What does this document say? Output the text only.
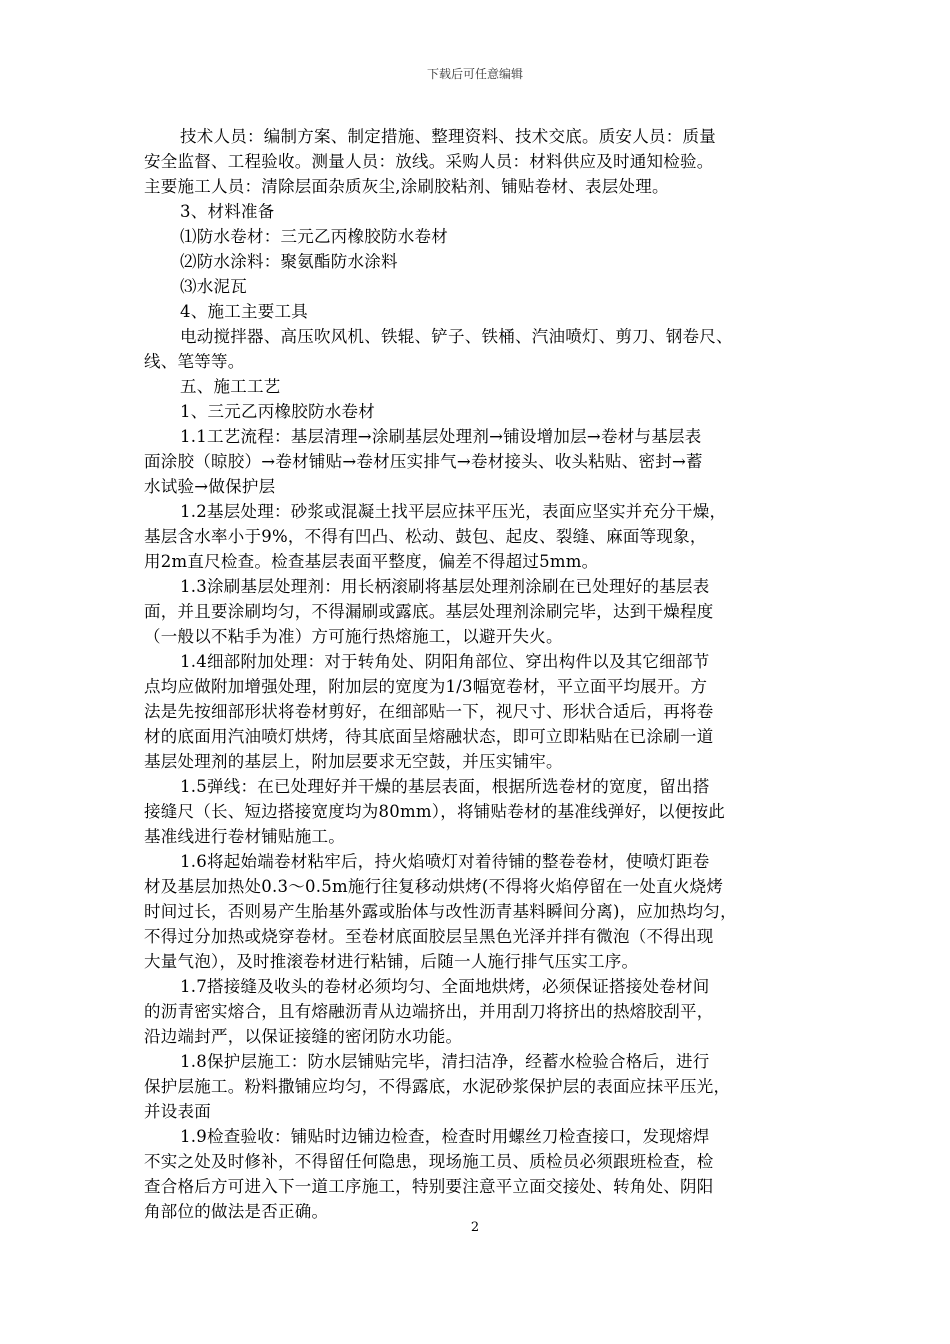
下载后可任意编辑
技术人员：编制方案、制定措施、整理资料、技术交底。质安人员：质量
安全监督、工程验收。测量人员：放线。采购人员：材料供应及时通知检验。
主要施工人员：清除层面杂质灰尘,涂刷胶粘剂、铺贴卷材、表层处理。
3、材料准备
⑴防水卷材：三元乙丙橡胶防水卷材
⑵防水涂料：聚氨酯防水涂料
⑶水泥瓦
4、施工主要工具
电动搅拌器、高压吹风机、铁辊、铲子、铁桶、汽油喷灯、剪刀、钢卷尺、
线、笔等等。
五、施工工艺
1、三元乙丙橡胶防水卷材
1.1工艺流程：基层清理→涂刷基层处理剂→铺设增加层→卷材与基层表
面涂胶（晾胶）→卷材铺贴→卷材压实排气→卷材接头、收头粘贴、密封→蓄
水试验→做保护层
1.2基层处理：砂浆或混凝土找平层应抹平压光，表面应坚实并充分干燥，
基层含水率小于9%，不得有凹凸、松动、鼓包、起皮、裂缝、麻面等现象，
用2m直尺检查。检查基层表面平整度，偏差不得超过5mm。
1.3涂刷基层处理剂：用长柄滚刷将基层处理剂涂刷在已处理好的基层表
面，并且要涂刷均匀，不得漏刷或露底。基层处理剂涂刷完毕，达到干燥程度
（一般以不粘手为准）方可施行热熔施工，以避开失火。
1.4细部附加处理：对于转角处、阴阳角部位、穿出构件以及其它细部节
点均应做附加增强处理，附加层的宽度为1/3幅宽卷材，平立面平均展开。方
法是先按细部形状将卷材剪好，在细部贴一下，视尺寸、形状合适后，再将卷
材的底面用汽油喷灯烘烤，待其底面呈熔融状态，即可立即粘贴在已涂刷一道
基层处理剂的基层上，附加层要求无空鼓，并压实铺牢。
1.5弹线：在已处理好并干燥的基层表面，根据所选卷材的宽度，留出搭
接缝尺（长、短边搭接宽度均为80mm），将铺贴卷材的基准线弹好，以便按此
基准线进行卷材铺贴施工。
1.6将起始端卷材粘牢后，持火焰喷灯对着待铺的整卷卷材，使喷灯距卷
材及基层加热处0.3～0.5m施行往复移动烘烤(不得将火焰停留在一处直火烧烤
时间过长，否则易产生胎基外露或胎体与改性沥青基料瞬间分离)，应加热均匀，
不得过分加热或烧穿卷材。至卷材底面胶层呈黑色光泽并拌有微泡（不得出现
大量气泡），及时推滚卷材进行粘铺，后随一人施行排气压实工序。
1.7搭接缝及收头的卷材必须均匀、全面地烘烤，必须保证搭接处卷材间
的沥青密实熔合，且有熔融沥青从边端挤出，并用刮刀将挤出的热熔胶刮平，
沿边端封严，以保证接缝的密闭防水功能。
1.8保护层施工：防水层铺贴完毕，清扫洁净，经蓄水检验合格后，进行
保护层施工。粉料撒铺应均匀，不得露底，水泥砂浆保护层的表面应抹平压光，
并设表面
1.9检查验收：铺贴时边铺边检查，检查时用螺丝刀检查接口，发现熔焊
不实之处及时修补，不得留任何隐患，现场施工员、质检员必须跟班检查，检
查合格后方可进入下一道工序施工，特别要注意平立面交接处、转角处、阴阳
角部位的做法是否正确。
2
